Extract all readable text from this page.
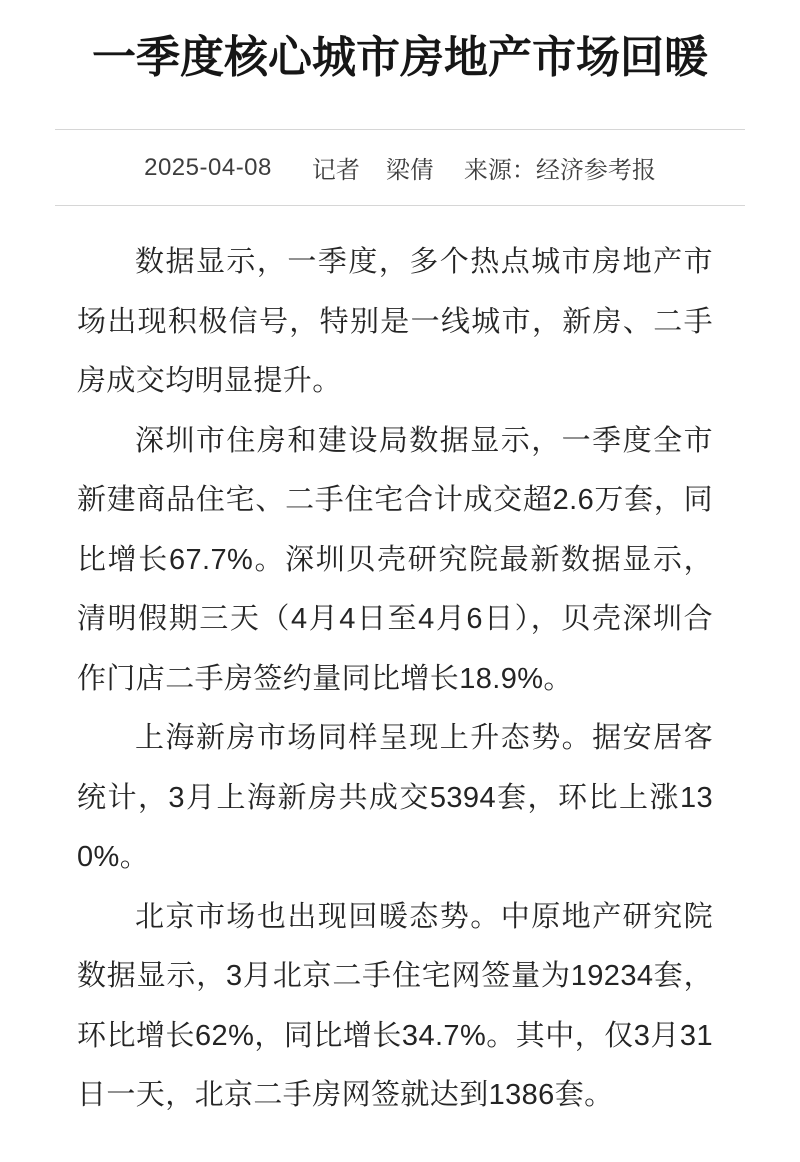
一季度核心城市房地产市场回暖
2025-04-08 记者 梁倩 来源： 经济参考报

数据显示，一季度，多个热点城市房地产市场出现积极信号，特别是一线城市，新房、二手房成交均明显提升。

深圳市住房和建设局数据显示，一季度全市新建商品住宅、二手住宅合计成交超2.6万套，同比增长67.7%。深圳贝壳研究院最新数据显示，清明假期三天（4月4日至4月6日），贝壳深圳合作门店二手房签约量同比增长18.9%。

上海新房市场同样呈现上升态势。据安居客统计，3月上海新房共成交5394套，环比上涨130%。

北京市场也出现回暖态势。中原地产研究院数据显示，3月北京二手住宅网签量为19234套，环比增长62%，同比增长34.7%。其中，仅3月31日一天，北京二手房网签就达到1386套。
